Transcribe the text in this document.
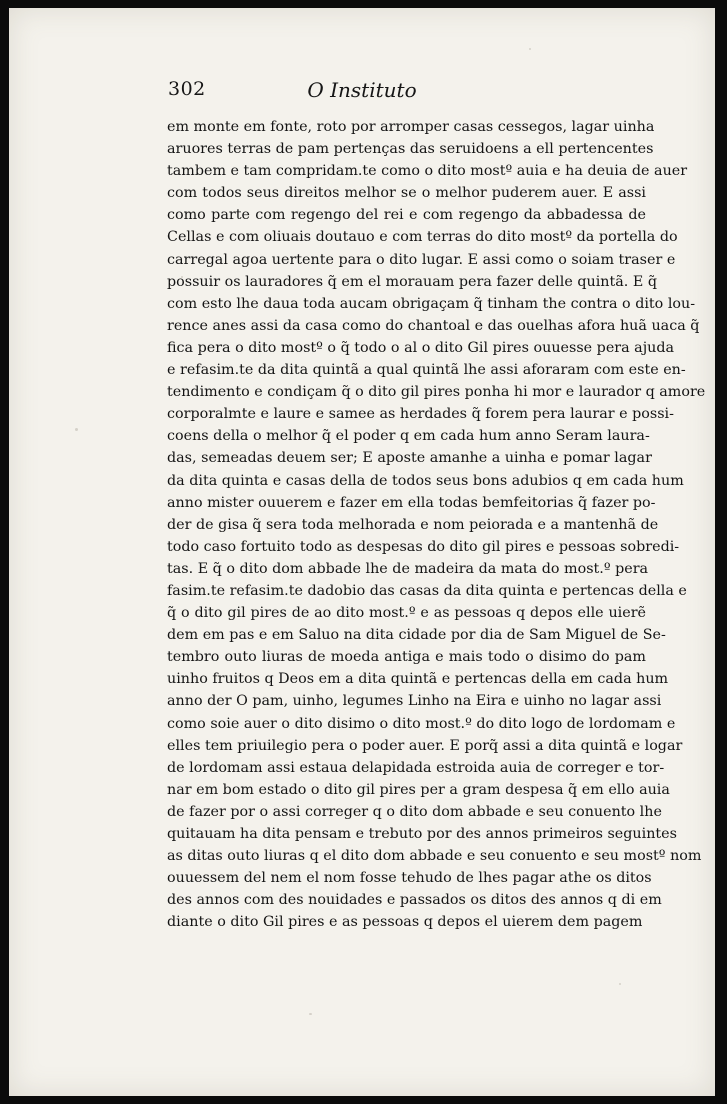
302	O Instituto
em monte em fonte, roto por arromper casas cessegos, lagar uinha
aruores terras de pam pertenças das seruidoens a ell pertencentes
tambem e tam compridam.te como o dito mostº auia e ha deuia de auer
com todos seus direitos melhor se o melhor puderem auer. E assi
como parte com regengo del rei e com regengo da abbadessa de
Cellas e com oliuais doutauo e com terras do dito mostº da portella do
carregal agoa uertente para o dito lugar. E assi como o soiam traser e
possuir os lauradores q̃ em el morauam pera fazer delle quintã. E q̃
com esto lhe daua toda aucam obrigaçam q̃ tinham the contra o dito lou-
rence anes assi da casa como do chantoal e das ouelhas afora huã uaca q̃
fica pera o dito mostº o q̃ todo o al o dito Gil pires ouuesse pera ajuda
e refasim.te da dita quintã a qual quintã lhe assi aforaram com este en-
tendimento e condiçam q̃ o dito gil pires ponha hi mor e laurador q amore
corporalmte e laure e samee as herdades q̃ forem pera laurar e possi-
coens della o melhor q̃ el poder q em cada hum anno Seram laura-
das, semeadas deuem ser; E aposte amanhe a uinha e pomar lagar
da dita quinta e casas della de todos seus bons adubios q em cada hum
anno mister ouuerem e fazer em ella todas bemfeitorias q̃ fazer po-
der de gisa q̃ sera toda melhorada e nom peiorada e a mantenhã de
todo caso fortuito todo as despesas do dito gil pires e pessoas sobredi-
tas. E q̃ o dito dom abbade lhe de madeira da mata do most.º pera
fasim.te refasim.te dadobio das casas da dita quinta e pertencas della e
q̃ o dito gil pires de ao dito most.º e as pessoas q depos elle uierẽ
dem em pas e em Saluo na dita cidade por dia de Sam Miguel de Se-
tembro outo liuras de moeda antiga e mais todo o disimo do pam
uinho fruitos q Deos em a dita quintã e pertencas della em cada hum
anno der O pam, uinho, legumes Linho na Eira e uinho no lagar assi
como soie auer o dito disimo o dito most.º do dito logo de lordomam e
elles tem priuilegio pera o poder auer. E porq̃ assi a dita quintã e logar
de lordomam assi estaua delapidada estroida auia de correger e tor-
nar em bom estado o dito gil pires per a gram despesa q̃ em ello auia
de fazer por o assi correger q o dito dom abbade e seu conuento lhe
quitauam ha dita pensam e trebuto por des annos primeiros seguintes
as ditas outo liuras q el dito dom abbade e seu conuento e seu mostº nom
ouuessem del nem el nom fosse tehudo de lhes pagar athe os ditos
des annos com des nouidades e passados os ditos des annos q di em
diante o dito Gil pires e as pessoas q depos el uierem dem pagem
